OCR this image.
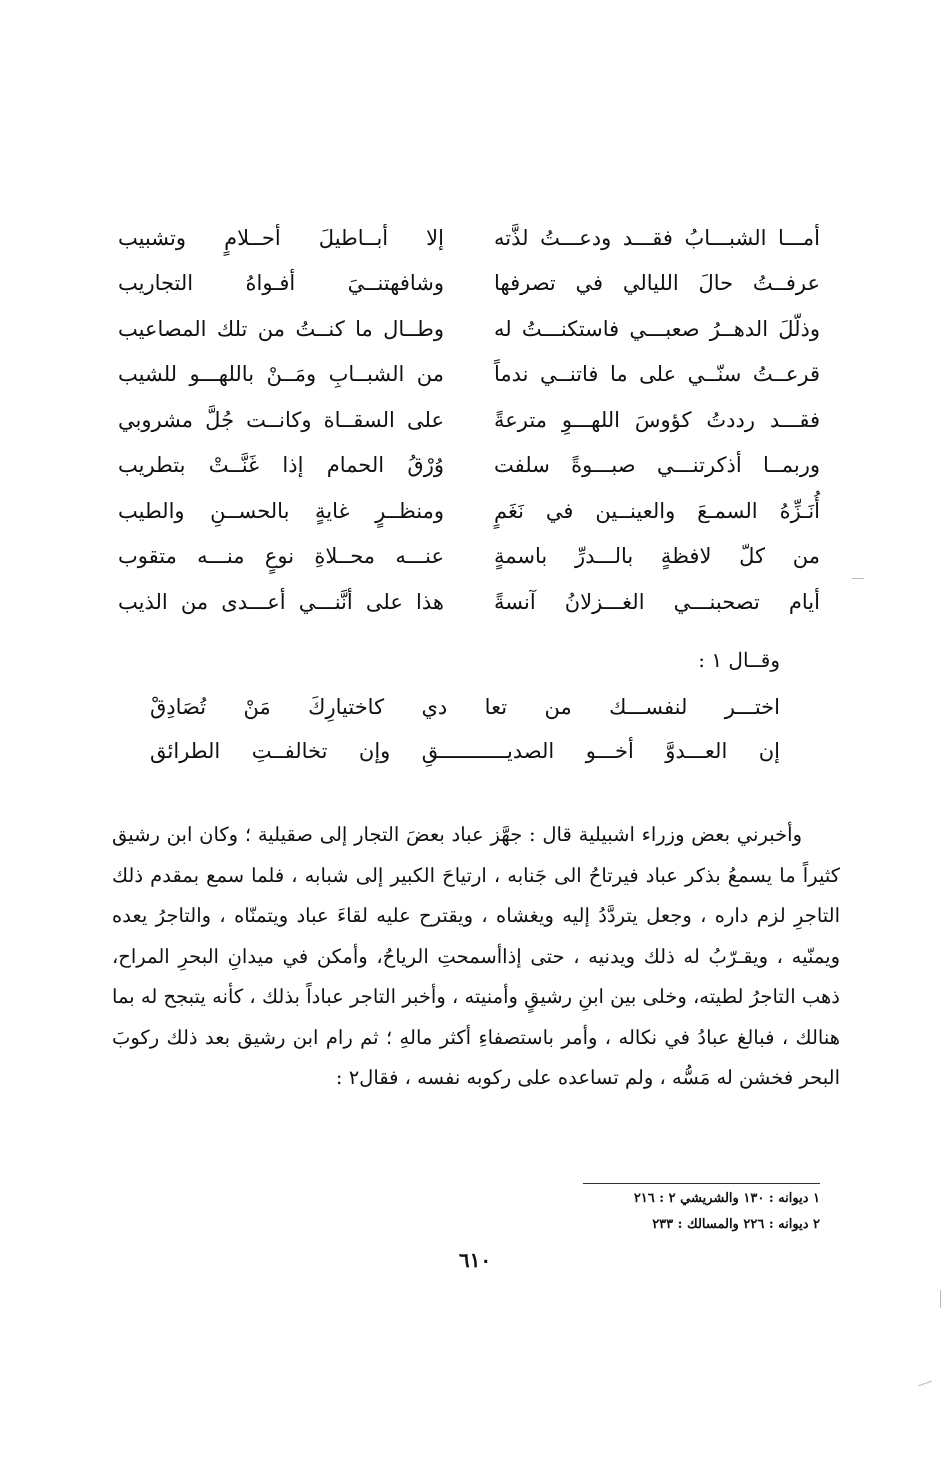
أمـــا الشبـــابُ فقـــد ودعـــتُ لذَّته
إلا أبــاطيلَ أحــلامٍ وتشبيب
عرفــتُ حالَ الليالي في تصرفها
وشافهتنــيَ أفـواهُ التجاريب
وذلّلَ الدهــرُ صعبـــي فاستكنـــتُ له
وطــال ما كنــتُ من تلك المصاعيب
قرعــتُ سنّــي على ما فاتنــي ندماً
من الشبــابِ ومَــنْ باللهـــو للشيب
فقـــد رددتُ كؤوسَ اللهـــوِ مترعةً
على السقــاة وكانــت جُلَّ مشروبي
وربمــا أذكرتنـــي صبـــوةً سلفت
وُرْقُ الحمام إذا غَنَّــتْ بتطريب
أُنَـزِّهُ السمـعَ والعينــين في نَغَمٍ
ومنظــرٍ غايةٍ بالحســنِ والطيب
من كلّ لافظةٍ بالـــدرِّ باسمةٍ
عنـــه محــلاةِ نوعٍ منـــه متقوب
أيام تصحبنـــي الغـــزلانُ آنسةً
هذا على أنَّنـــي أعـــدى من الذيب
وقــال ١ :
اختـــر لنفســـك من تعا دي كاختيارِكَ مَنْ تُصَادِقْ
إن العـــدوَّ أخـــو الصديـــــــــــقِ وإن تخالفــتِ الطرائق

وأخبرني بعض وزراء اشبيلية قال : جهَّز عباد بعضَ التجار إلى صقيلية ؛ وكان ابن رشيق كثيراً ما يسمعُ بذكر عباد فيرتاحُ الى جَنابه ، ارتياحَ الكبير إلى شبابه ، فلما سمع بمقدم ذلك التاجرِ لزم داره ، وجعل يتردَّدُ إليه ويغشاه ، ويقترح عليه لقاءَ عباد ويتمنّاه ، والتاجرُ يعده ويمنّيه ، ويقـرّبُ له ذلك ويدنيه ، حتى إذاأسمحتِ الرياحُ، وأمكن في ميدانِ البحرِ المراح، ذهب التاجرُ لطيته، وخلى بين ابنِ رشيقٍ وأمنيته ، وأخبر التاجر عباداً بذلك ، كأنه يتبجح له بما هنالك ، فبالغ عبادُ في نكاله ، وأمر باستصفاءِ أكثر مالهِ ؛ ثم رام ابن رشيق بعد ذلك ركوبَ البحر فخشن له مَسُّه ، ولم تساعده على ركوبه نفسه ، فقال٢ :

١ ديوانه : ١٣٠ والشريشي ٢ : ٢١٦
٢ ديوانه : ٢٢٦ والمسالك : ٢٣٣
٦١٠
